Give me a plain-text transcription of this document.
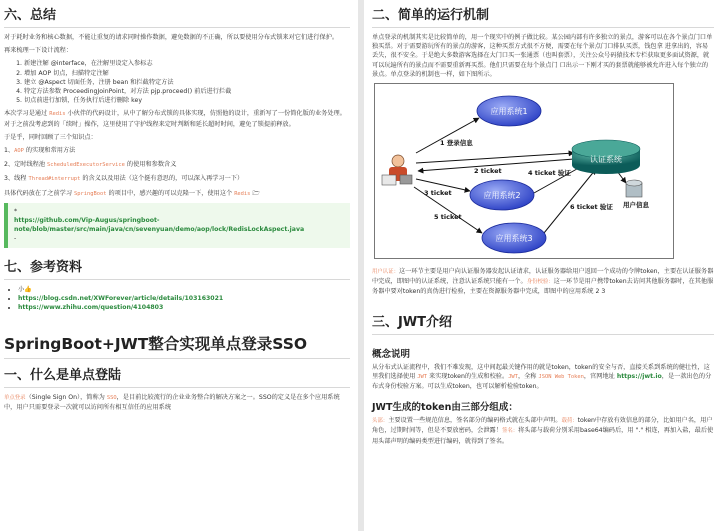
六、总结

对于耗时业务和核心数据，不能让重复的请求同时操作数据，避免数据的不正确，所以要使用分布式锁来对它们进行保护。

再来梳理一下设计流程：

1. 新建注解 @interface，在注解里设定入参标志
2. 增加 AOP 切点，扫描特定注解
3. 建立 @Aspect 切面任务，注册 bean 和拦截特定方法
4. 特定方法参数 ProceedingJoinPoint，对方法 pjp.proceed() 前后进行拦截
5. 切点前进行加锁，任务执行后进行删除 key

本次学习是通过 Redis 小伙伴的代码设计，从中了解分布式锁的具体实现，仿照他的设计，重新写了一份简化版的业务处理。对于之前没考虑到的「续时」操作，这里使用了守护线程来定时判断和延长超时时间，避免了锁提前释放。

于是乎，同时回顾了三个知识点：

1、AOP 的实现和常用方法

2、定时线程池 ScheduledExecutorService 的使用和参数含义

3、线程 Thread#interrupt 的含义以及用法（这个挺有意思的，可以深入再学习一下）

具体代码放在了之前学习 SpringBoot 的项目中，感兴趣的可以克隆一下，使用这个 Redis 🗁

*

https://github.com/Vip-Augus/springboot-note/blob/master/src/main/java/cn/sevenyuan/demo/aop/lock/RedisLockAspect.java

-

七、参考资料
• 小👍
• https://blog.csdn.net/XWForever/article/details/103163021
• https://www.zhihu.com/question/4104803
SpringBoot+JWT整合实现单点登录SSO
一、什么是单点登陆

单点登录（Single Sign On），简称为 SSO，是目前比较流行的企业业务整合的解决方案之一。SSO的定义是在多个应用系统中，用户只需要登录一次就可以访问所有相互信任的应用系统

二、简单的运行机制

单点登录的机制其实是比较简单的，用一个现实中的例子做比较。某公园内部有许多独立的景点，游客可以在各个景点门口单独买票。对于需要游玩所有的景点的游客，这种买票方式很不方便，需要在每个景点门口排队买票，钱包拿 进拿出的，容易丢失，很不安全。于是绝大多数游客选择在大门口买一张通票（也叫套票），关注公众号码猿技术专栏获取更多面试资源，就可以玩遍所有的景点而不需要重新再买票。他们只需要在每个景点门 口出示一下刚才买的套票就能够被允许进入每个独立的景点。单点登录的机制也一样，如下图所示。

1 登录信息
2 ticket
3 ticket
4 ticket 验证
5 ticket
6 ticket 验证
应用系统1
应用系统2
应用系统3
认证系统
用户信息

用户认证：这一环节主要是用户向认证服务器发起认证请求，认证服务器给用户返回一个成功的令牌token，主要在认证服务器中完成，即图中的认证系统，注意认证系统只能有一个。身份校验：这一环节是用户携带token去访问其他服务器时，在其他服务器中要对token的真伪进行检验，主要在资源服务器中完成，即图中的应用系统 2 3

三、JWT介绍
概念说明

从分布式认证流程中，我们不难发现，这中间起最关键作用的就是token，token的安全与否，直接关系到系统的健壮性，这里我们选择使用 JWT 来实现token的生成和校验。JWT，全称 JSON Web Token，官网地址 https://jwt.io，是一款出色的分布式身份校验方案。可以生成token，也可以解析检验token。

JWT生成的token由三部分组成：

头部：主要设置一些规范信息，签名部分的编码格式就在头部中声明。载荷：token中存放有效信息的部分，比如用户名，用户角色，过期时间等，但是不要放密码，会泄露！签名：将头部与载荷分别采用base64编码后，用 "." 相连，再加入盐，最后使用头部声明的编码类型进行编码，就得到了签名。
